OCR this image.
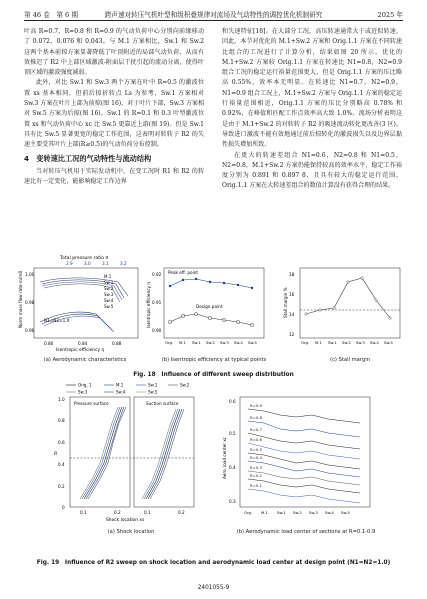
第 46 卷　第 6 期	跨声速对转压气机叶型和级积叠规律对流场及气动特性的调控优化机制研究	2025 年

叶高 R=0.7、R=0.8 和 R=0.9 的气动负荷中心分别向前缘移动了 0.072、0.076 和 0.043。与 M.1 方案相比，Sw.1 和 Sw.2 这两个基本前掠方案显著降低了叶顶附近的局部气动负荷，从而有效推迟了 R2 中上部区域激波-附面层干扰引起的流动分离，使得叶顶区域的激波强度减弱。

此外，对比 Sw.1 和 Sw.3 两个方案在叶中 R=0.5 的激波位置 xs 基本相同，但前后掠折转点 Ls 为参考，Sw.1 方案相对 Sw.3 方案在叶片上部为前掠(图 16)，对于叶片下部，Sw.3 方案相对 Sw.5 方案为后掠(图 16)。Sw.1 的 R=0.1 和 0.3 叶型激波位置 xs 和气动负荷中心 xc 比 Sw.5 更靠近上游(图 19)。但是 Sw.1 具有比 Sw.5 显著更宽的稳定工作范围，这表明对转转子 R2 的失速主要受其叶片上部(R≥0.5)的气动负荷分布控制。

4　变转速比工况的气动特性与流动结构

当对转压气机用于实际发动机中，在变工况时 R1 和 R2 的转速比有一定变化，能影响稳定工作边界

和失速特征[18]。在大部分工况，高压转速通常大于或近似转速，因此，本节对优化的 M.1+Sw.2 方案和 Orig.1.1 方案在不同转速比组合的工况进行了计算分析，结果如图 20 所示。优化的 M.1+Sw.2 方案较 Orig.1.1 方案在转速比 N1=0.8，N2=0.9 组合工况的稳定运行裕量范围更大，但是 Orig.1.1 方案的压比略高 0.55%，效率本无明显。在转速比 N1=0.7，N2=0.9，N1=0.9 组合工况上，M.1+Sw.2 方案与 Orig.1.1 方案的稳定运行裕量范围相近，Orig.1.1 方案的压比分别略高 0.78% 和 0.92%，在峰值和匹配工作点效率高大致 1.0%。流场分析表明这是由于 M.1+Sw.2 的对转转子 R2 的吸速流动转化更改善(3 区)，导致进口激波不能有效地通过前后掠转化的激波损失以及边界层黏性损失增加所致。

在更大的转速差组合 N1=0.6，N2=0.8 和 N1=0.5，N2=0.8，M.1+Sw.2 方案仍能保持较高的效率水平，稳定工作裕度分别为 0.891 和 0.897 8，且具有较大的稳定运行范围，Orig.1.1 方案在大转速差组合的数值计算没有获得合理的结果。

Total pressure ratio π
2.9	3.0	3.1	3.2
Norm mass flow rate m/m0 1.00
0.98
0.96
N1=N2=1.0
M.1
Sw.1
Sw.2
Sw.3
Sw.4
Sw.5
0.80	0.84	0.88
Isentropic efficiency η
Isentropic efficiency η
0.92
0.91
0.90
Peak eff. point
Design point
Org. M.1 Sw.1 Sw.2 Sw.3 Sw.4 Sw.5
Stall margin %
18
16
14
12
Org. M.1 Sw.1 Sw.2 Sw.3 Sw.4 Sw.5
(a) Aerodynamic characteristics	(b) Isentropic efficiency at typical points	(c) Stall margin
Fig. 18　Influence of different sweep distribution
Orig. 1	M.1	Sw.1	Sw.2
Sw.3	Sw.4	Sw.5
Pressure surface	Suction surface
R
1.0
0.8
0.6
0.4
0.2
0
0.1	0.2	0.1	0.2
Shock location xs
Aero. load center xc
0.6
0.5
0.4
0.3
R=0.9
R=0.8
R=0.7
R=0.6
R=0.5
R=0.4
R=0.3
R=0.2
R=0.1
Org. M.1 Sw.1 Sw.2 Sw.3 Sw.4 Sw.5
(a) Shock location	(b) Aerodynamic load center of sections at R=0.1-0.9
Fig. 19　Influence of R2 sweep on shock location and aerodynamic load center at design point (N1=N2=1.0)
2401055-9
